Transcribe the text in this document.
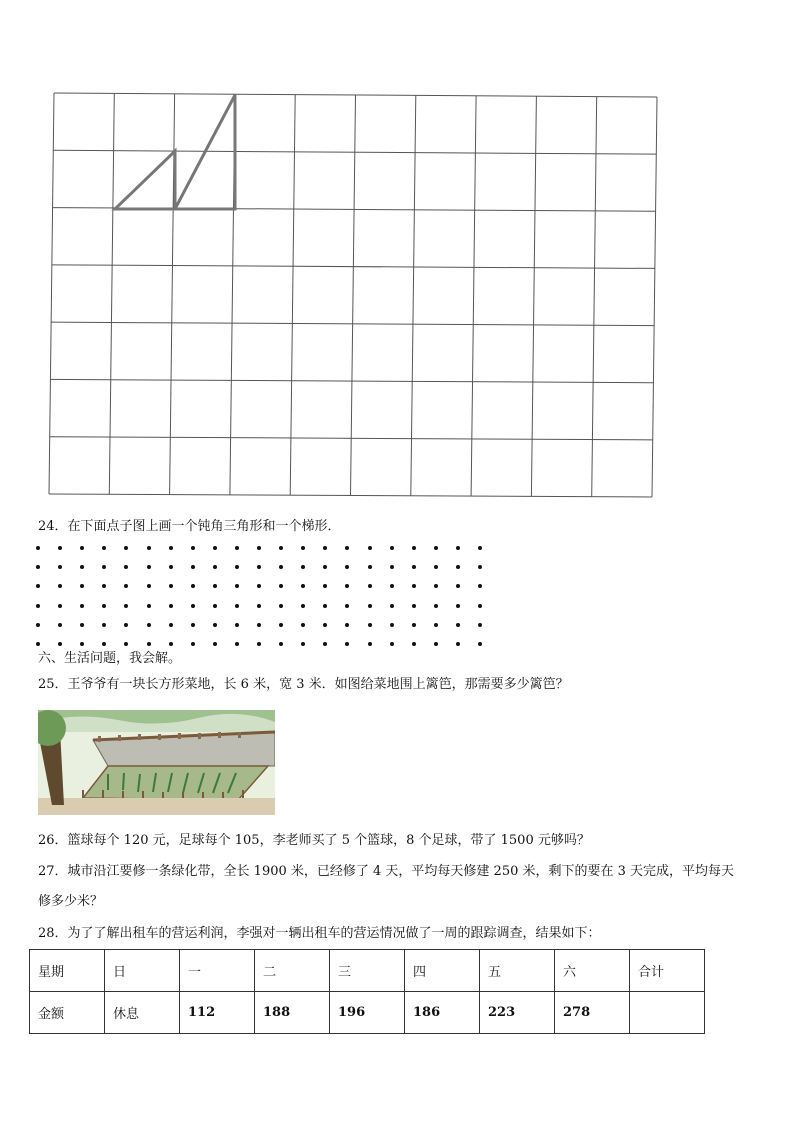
24．在下面点子图上画一个钝角三角形和一个梯形．
六、生活问题，我会解。
25．王爷爷有一块长方形菜地，长 6 米，宽 3 米．如图给菜地围上篱笆，那需要多少篱笆？
26．篮球每个 120 元，足球每个 105，李老师买了 5 个篮球，8 个足球，带了 1500 元够吗？
27．城市沿江要修一条绿化带，全长 1900 米，已经修了 4 天，平均每天修建 250 米，剩下的要在 3 天完成，平均每天
修多少米？
28．为了了解出租车的营运利润，李强对一辆出租车的营运情况做了一周的跟踪调查，结果如下：
星期	日	一	二	三	四	五	六	合计
金额	休息	112	188	196	186	223	278	
